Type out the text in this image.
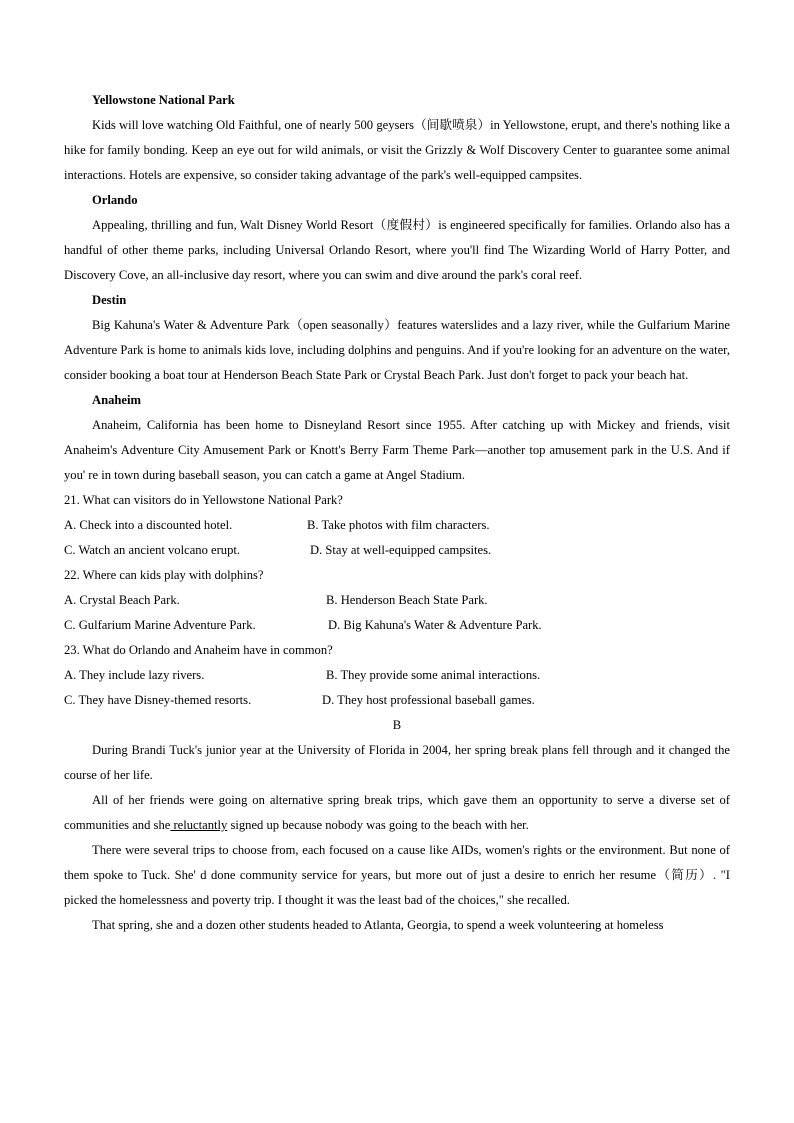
Yellowstone National Park

Kids will love watching Old Faithful, one of nearly 500 geysers（间歇喷泉）in Yellowstone, erupt, and there's nothing like a hike for family bonding. Keep an eye out for wild animals, or visit the Grizzly & Wolf Discovery Center to guarantee some animal interactions. Hotels are expensive, so consider taking advantage of the park's well-equipped campsites.

Orlando

Appealing, thrilling and fun, Walt Disney World Resort（度假村）is engineered specifically for families. Orlando also has a handful of other theme parks, including Universal Orlando Resort, where you'll find The Wizarding World of Harry Potter, and Discovery Cove, an all-inclusive day resort, where you can swim and dive around the park's coral reef.

Destin

Big Kahuna's Water & Adventure Park（open seasonally）features waterslides and a lazy river, while the Gulfarium Marine Adventure Park is home to animals kids love, including dolphins and penguins. And if you're looking for an adventure on the water, consider booking a boat tour at Henderson Beach State Park or Crystal Beach Park. Just don't forget to pack your beach hat.

Anaheim

Anaheim, California has been home to Disneyland Resort since 1955. After catching up with Mickey and friends, visit Anaheim's Adventure City Amusement Park or Knott's Berry Farm Theme Park—another top amusement park in the U.S. And if you' re in town during baseball season, you can catch a game at Angel Stadium.

21. What can visitors do in Yellowstone National Park?
A. Check into a discounted hotel.	B. Take photos with film characters.
C. Watch an ancient volcano erupt.	D. Stay at well-equipped campsites.
22. Where can kids play with dolphins?
A. Crystal Beach Park.	B. Henderson Beach State Park.
C. Gulfarium Marine Adventure Park.	D. Big Kahuna's Water & Adventure Park.
23. What do Orlando and Anaheim have in common?
A. They include lazy rivers.	B. They provide some animal interactions.
C. They have Disney-themed resorts.	D. They host professional baseball games.
B

During Brandi Tuck's junior year at the University of Florida in 2004, her spring break plans fell through and it changed the course of her life.

All of her friends were going on alternative spring break trips, which gave them an opportunity to serve a diverse set of communities and she reluctantly signed up because nobody was going to the beach with her.

There were several trips to choose from, each focused on a cause like AIDs, women's rights or the environment. But none of them spoke to Tuck. She' d done community service for years, but more out of just a desire to enrich her resume（简历）. "I picked the homelessness and poverty trip. I thought it was the least bad of the choices," she recalled.

That spring, she and a dozen other students headed to Atlanta, Georgia, to spend a week volunteering at homeless
